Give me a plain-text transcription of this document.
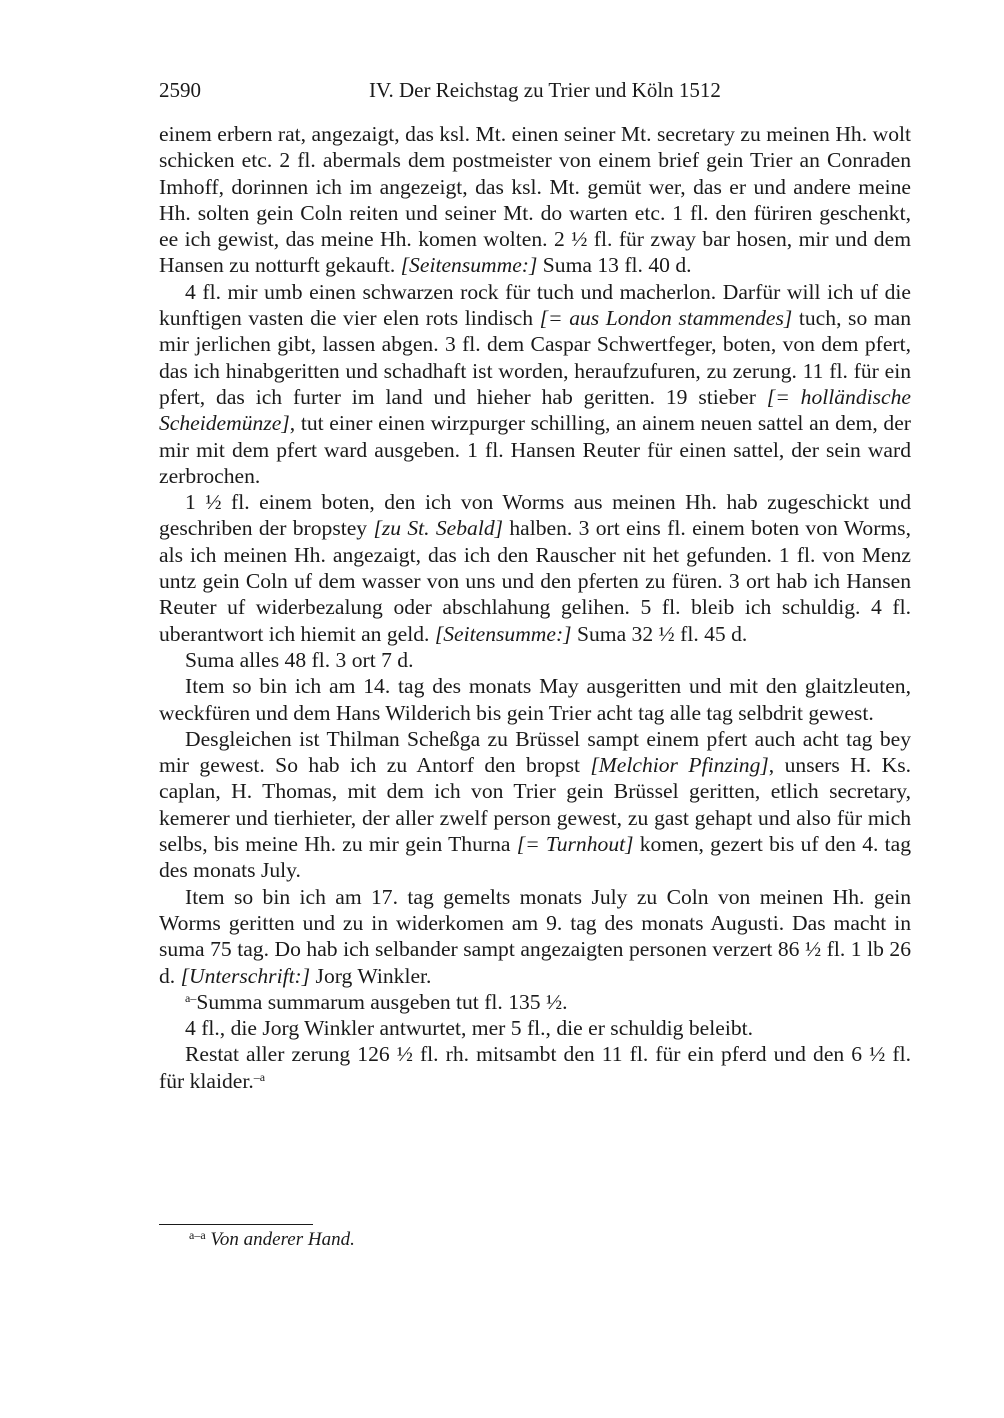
2590	IV. Der Reichstag zu Trier und Köln 1512

einem erbern rat, angezaigt, das ksl. Mt. einen seiner Mt. secretary zu meinen Hh. wolt schicken etc. 2 fl. abermals dem postmeister von einem brief gein Trier an Conraden Imhoff, dorinnen ich im angezeigt, das ksl. Mt. gemüt wer, das er und andere meine Hh. solten gein Coln reiten und seiner Mt. do warten etc. 1 fl. den füriren geschenkt, ee ich gewist, das meine Hh. komen wolten. 2 ½ fl. für zway bar hosen, mir und dem Hansen zu notturft gekauft. [Seitensumme:] Suma 13 fl. 40 d.

4 fl. mir umb einen schwarzen rock für tuch und macherlon. Darfür will ich uf die kunftigen vasten die vier elen rots lindisch [= aus London stammendes] tuch, so man mir jerlichen gibt, lassen abgen. 3 fl. dem Caspar Schwertfeger, boten, von dem pfert, das ich hinabgeritten und schadhaft ist worden, heraufzufuren, zu zerung. 11 fl. für ein pfert, das ich furter im land und hieher hab geritten. 19 stieber [= holländische Scheidemünze], tut einer einen wirzpurger schilling, an ainem neuen sattel an dem, der mir mit dem pfert ward ausgeben. 1 fl. Hansen Reuter für einen sattel, der sein ward zerbrochen.

1 ½ fl. einem boten, den ich von Worms aus meinen Hh. hab zugeschickt und geschriben der bropstey [zu St. Sebald] halben. 3 ort eins fl. einem boten von Worms, als ich meinen Hh. angezaigt, das ich den Rauscher nit het gefunden. 1 fl. von Menz untz gein Coln uf dem wasser von uns und den pferten zu füren. 3 ort hab ich Hansen Reuter uf widerbezalung oder abschlahung gelihen. 5 fl. bleib ich schuldig. 4 fl. uberantwort ich hiemit an geld. [Seitensumme:] Suma 32 ½ fl. 45 d.

Suma alles 48 fl. 3 ort 7 d.

Item so bin ich am 14. tag des monats May ausgeritten und mit den glaitzleuten, weckfüren und dem Hans Wilderich bis gein Trier acht tag alle tag selbdrit gewest.

Desgleichen ist Thilman Scheßga zu Brüssel sampt einem pfert auch acht tag bey mir gewest. So hab ich zu Antorf den bropst [Melchior Pfinzing], unsers H. Ks. caplan, H. Thomas, mit dem ich von Trier gein Brüssel geritten, etlich secretary, kemerer und tierhieter, der aller zwelf person gewest, zu gast gehapt und also für mich selbs, bis meine Hh. zu mir gein Thurna [= Turnhout] komen, gezert bis uf den 4. tag des monats July.

Item so bin ich am 17. tag gemelts monats July zu Coln von meinen Hh. gein Worms geritten und zu in widerkomen am 9. tag des monats Augusti. Das macht in suma 75 tag. Do hab ich selbander sampt angezaigten personen verzert 86 ½ fl. 1 lb 26 d. [Unterschrift:] Jorg Winkler.

$^{a-}$Summa summarum ausgeben tut fl. 135 ½.

4 fl., die Jorg Winkler antwurtet, mer 5 fl., die er schuldig beleibt.

Restat aller zerung 126 ½ fl. rh. mitsambt den 11 fl. für ein pferd und den 6 ½ fl. für klaider.$^{-a}$

$^{a-a}$ Von anderer Hand.
